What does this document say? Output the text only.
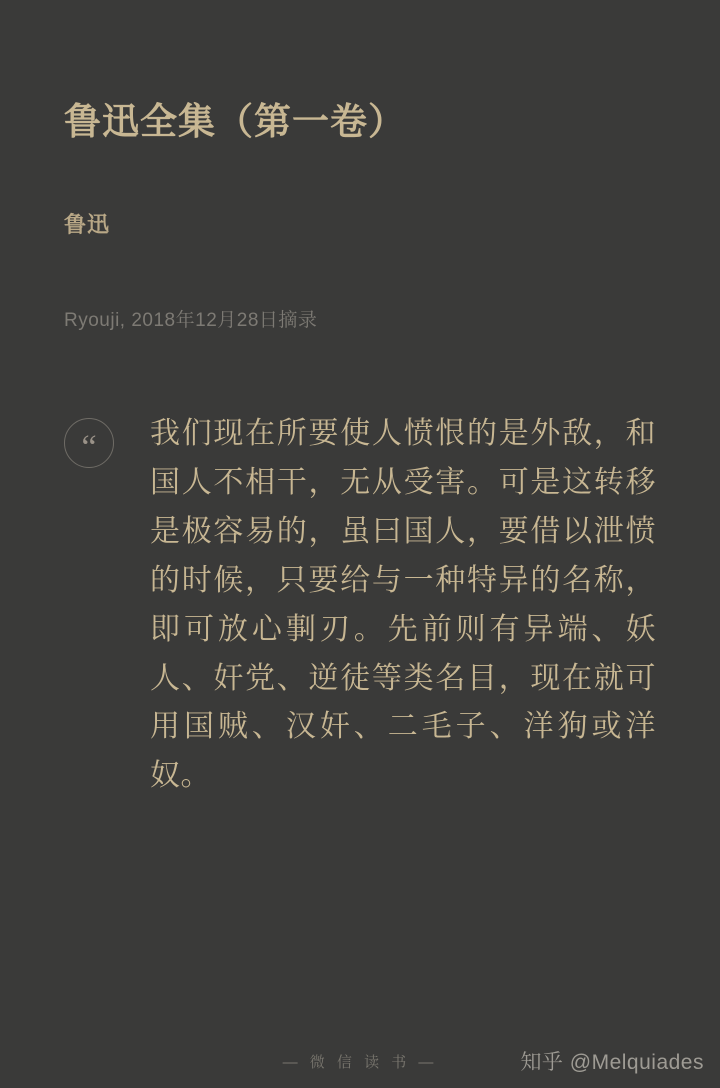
鲁迅全集（第一卷）
鲁迅
Ryouji, 2018年12月28日摘录
“	我们现在所要使人愤恨的是外敌，和国人不相干，无从受害。可是这转移是极容易的，虽曰国人，要借以泄愤的时候，只要给与一种特异的名称，即可放心剚刃。先前则有异端、妖人、奸党、逆徒等类名目，现在就可用国贼、汉奸、二毛子、洋狗或洋奴。

— 微 信 读 书 —	知乎 @Melquiades
